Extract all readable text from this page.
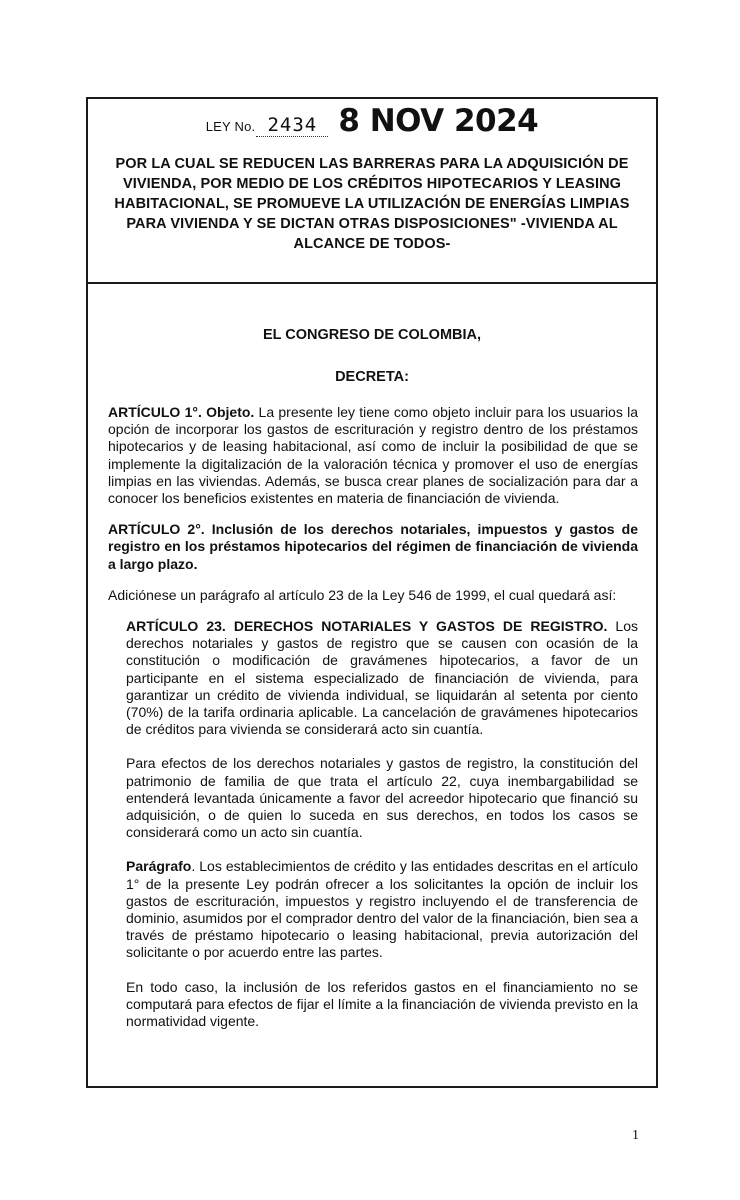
LEY No. 2434 8 NOV 2024

POR LA CUAL SE REDUCEN LAS BARRERAS PARA LA ADQUISICIÓN DE VIVIENDA, POR MEDIO DE LOS CRÉDITOS HIPOTECARIOS Y LEASING HABITACIONAL, SE PROMUEVE LA UTILIZACIÓN DE ENERGÍAS LIMPIAS PARA VIVIENDA Y SE DICTAN OTRAS DISPOSICIONES" -VIVIENDA AL ALCANCE DE TODOS-

EL CONGRESO DE COLOMBIA,

DECRETA:

ARTÍCULO 1°. Objeto. La presente ley tiene como objeto incluir para los usuarios la opción de incorporar los gastos de escrituración y registro dentro de los préstamos hipotecarios y de leasing habitacional, así como de incluir la posibilidad de que se implemente la digitalización de la valoración técnica y promover el uso de energías limpias en las viviendas. Además, se busca crear planes de socialización para dar a conocer los beneficios existentes en materia de financiación de vivienda.

ARTÍCULO 2°. Inclusión de los derechos notariales, impuestos y gastos de registro en los préstamos hipotecarios del régimen de financiación de vivienda a largo plazo.

Adiciónese un parágrafo al artículo 23 de la Ley 546 de 1999, el cual quedará así:

ARTÍCULO 23. DERECHOS NOTARIALES Y GASTOS DE REGISTRO. Los derechos notariales y gastos de registro que se causen con ocasión de la constitución o modificación de gravámenes hipotecarios, a favor de un participante en el sistema especializado de financiación de vivienda, para garantizar un crédito de vivienda individual, se liquidarán al setenta por ciento (70%) de la tarifa ordinaria aplicable. La cancelación de gravámenes hipotecarios de créditos para vivienda se considerará acto sin cuantía.

Para efectos de los derechos notariales y gastos de registro, la constitución del patrimonio de familia de que trata el artículo 22, cuya inembargabilidad se entenderá levantada únicamente a favor del acreedor hipotecario que financió su adquisición, o de quien lo suceda en sus derechos, en todos los casos se considerará como un acto sin cuantía.

Parágrafo. Los establecimientos de crédito y las entidades descritas en el artículo 1° de la presente Ley podrán ofrecer a los solicitantes la opción de incluir los gastos de escrituración, impuestos y registro incluyendo el de transferencia de dominio, asumidos por el comprador dentro del valor de la financiación, bien sea a través de préstamo hipotecario o leasing habitacional, previa autorización del solicitante o por acuerdo entre las partes.

En todo caso, la inclusión de los referidos gastos en el financiamiento no se computará para efectos de fijar el límite a la financiación de vivienda previsto en la normatividad vigente.

1
